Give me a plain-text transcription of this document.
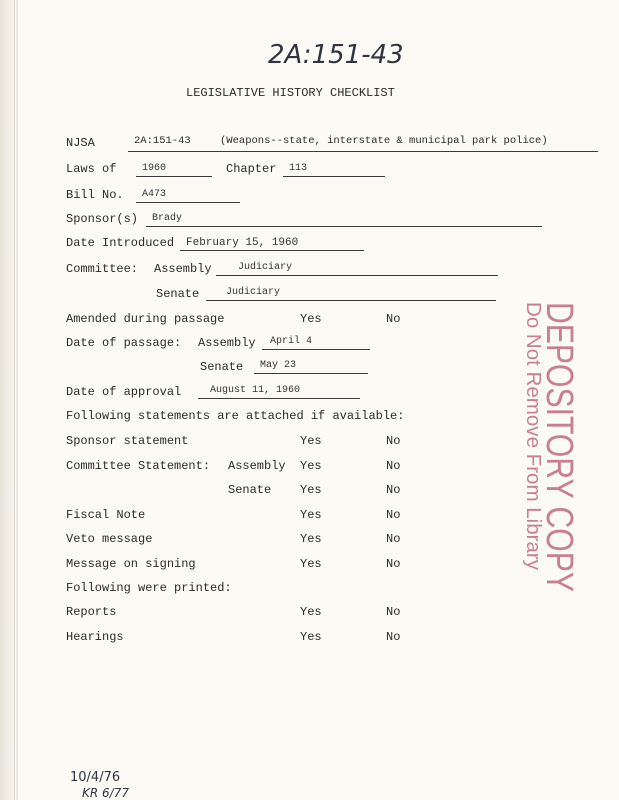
2A:151-43
LEGISLATIVE HISTORY CHECKLIST
NJSA	2A:151-43	(Weapons--state, interstate & municipal park police)
Laws of	1960	Chapter	113
Bill No.	A473
Sponsor(s)	Brady
Date Introduced	February 15, 1960
Committee: Assembly	Judiciary
Senate	Judiciary
Amended during passage	Yes	No
Date of passage: Assembly	April 4
Senate	May 23
Date of approval	August 11, 1960
Following statements are attached if available:
Sponsor statement	Yes	No
Committee Statement: Assembly Yes	No
Senate Yes	No
Fiscal Note	Yes	No
Veto message	Yes	No
Message on signing	Yes	No
Following were printed:
Reports	Yes	No
Hearings	Yes	No	DEPOSITORY COPY
Do Not Remove From Library
10/4/76
KR 6/77
